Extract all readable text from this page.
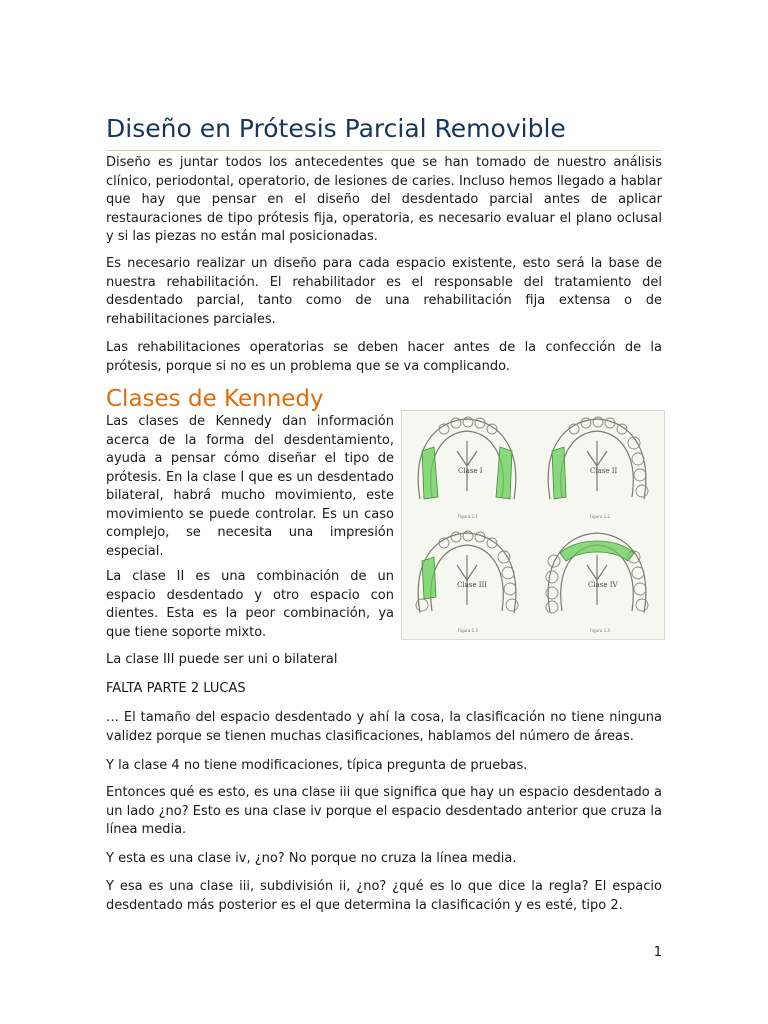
Diseño en Prótesis Parcial Removible

Diseño es juntar todos los antecedentes que se han tomado de nuestro análisis clínico, periodontal, operatorio, de lesiones de caries. Incluso hemos llegado a hablar que hay que pensar en el diseño del desdentado parcial antes de aplicar restauraciones de tipo prótesis fija, operatoria, es necesario evaluar el plano oclusal y si las piezas no están mal posicionadas.

Es necesario realizar un diseño para cada espacio existente, esto será la base de nuestra rehabilitación. El rehabilitador es el responsable del tratamiento del desdentado parcial, tanto como de una rehabilitación fija extensa o de rehabilitaciones parciales.

Las rehabilitaciones operatorias se deben hacer antes de la confección de la prótesis, porque si no es un problema que se va complicando.

Clases de Kennedy

Las clases de Kennedy dan información acerca de la forma del desdentamiento, ayuda a pensar cómo diseñar el tipo de prótesis. En la clase I que es un desdentado bilateral, habrá mucho movimiento, este movimiento se puede controlar. Es un caso complejo, se necesita una impresión especial.

La clase II es una combinación de un espacio desdentado y otro espacio con dientes. Esta es la peor combinación, ya que tiene soporte mixto.

Clase I	Clase II
Clase III	Clase IV
Figura 1.1	Figura 1.2
Figura 1.3	Figura 1.4

La clase III puede ser uni o bilateral

FALTA PARTE 2 LUCAS

… El tamaño del espacio desdentado y ahí la cosa, la clasificación no tiene ninguna validez porque se tienen muchas clasificaciones, hablamos del número de áreas.

Y la clase 4 no tiene modificaciones, típica pregunta de pruebas.

Entonces qué es esto, es una clase iii que significa que hay un espacio desdentado a un lado ¿no? Esto es una clase iv porque el espacio desdentado anterior que cruza la línea media.

Y esta es una clase iv, ¿no? No porque no cruza la línea media.

Y esa es una clase iii, subdivisión ii, ¿no? ¿qué es lo que dice la regla? El espacio desdentado más posterior es el que determina la clasificación y es esté, tipo 2.

1
